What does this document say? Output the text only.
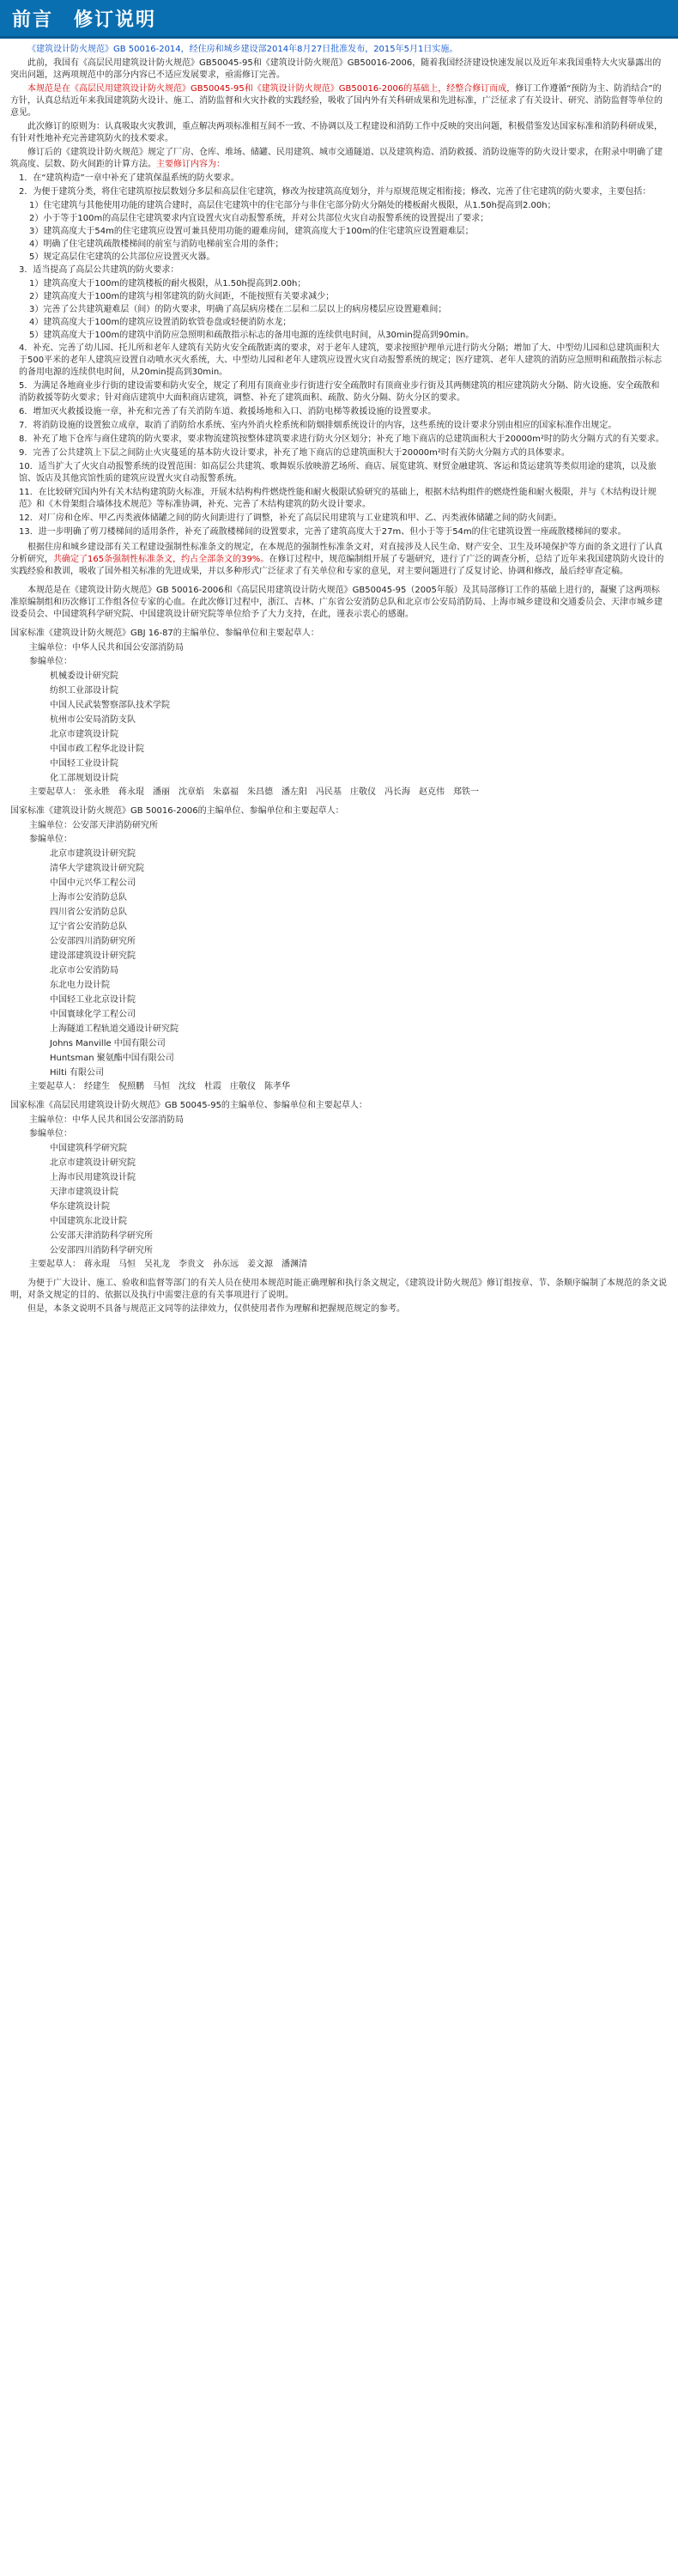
前言　修订说明

《建筑设计防火规范》GB 50016-2014，经住房和城乡建设部2014年8月27日批准发布，2015年5月1日实施。

此前，我国有《高层民用建筑设计防火规范》GB50045-95和《建筑设计防火规范》GB50016-2006，随着我国经济建设快速发展以及近年来我国重特大火灾暴露出的突出问题，这两项规范中的部分内容已不适应发展要求，亟需修订完善。

本规范是在《高层民用建筑设计防火规范》GB50045-95和《建筑设计防火规范》GB50016-2006的基础上，经整合修订而成，修订工作遵循“预防为主、防消结合”的方针，认真总结近年来我国建筑防火设计、施工、消防监督和火灾扑救的实践经验，吸收了国内外有关科研成果和先进标准，广泛征求了有关设计、研究、消防监督等单位的意见。

此次修订的原则为：认真吸取火灾教训，重点解决两项标准相互间不一致、不协调以及工程建设和消防工作中反映的突出问题，积极借鉴发达国家标准和消防科研成果，有针对性地补充完善建筑防火的技术要求。

修订后的《建筑设计防火规范》规定了厂房、仓库、堆场、储罐、民用建筑、城市交通隧道、以及建筑构造、消防救援、消防设施等的防火设计要求，在附录中明确了建筑高度、层数、防火间距的计算方法。主要修订内容为：

1．在“建筑构造”一章中补充了建筑保温系统的防火要求。
2．为便于建筑分类，将住宅建筑原按层数划分多层和高层住宅建筑，修改为按建筑高度划分，并与原规范规定相衔接；修改、完善了住宅建筑的防火要求，主要包括：
1）住宅建筑与其他使用功能的建筑合建时，高层住宅建筑中的住宅部分与非住宅部分防火分隔处的楼板耐火极限，从1.50h提高到2.00h；
2）小于等于100m的高层住宅建筑要求内宜设置火灾自动报警系统，并对公共部位火灾自动报警系统的设置提出了要求；
3）建筑高度大于54m的住宅建筑应设置可兼具使用功能的避难房间，建筑高度大于100m的住宅建筑应设置避难层；
4）明确了住宅建筑疏散楼梯间的前室与消防电梯前室合用的条件；
5）规定高层住宅建筑的公共部位应设置灭火器。
3．适当提高了高层公共建筑的防火要求：
1）建筑高度大于100m的建筑楼板的耐火极限，从1.50h提高到2.00h；
2）建筑高度大于100m的建筑与相邻建筑的防火间距，不能按照有关要求减少；
3）完善了公共建筑避难层（间）的防火要求，明确了高层病房楼在二层和二层以上的病房楼层应设置避难间；
4）建筑高度大于100m的建筑应设置消防软管卷盘或轻便消防水龙；
5）建筑高度大于100m的建筑中消防应急照明和疏散指示标志的备用电源的连续供电时间，从30min提高到90min。
4．补充、完善了幼儿园、托儿所和老年人建筑有关防火安全疏散距离的要求，对于老年人建筑，要求按照护理单元进行防火分隔；增加了大、中型幼儿园和总建筑面积大于500平米的老年人建筑应设置自动喷水灭火系统，大、中型幼儿园和老年人建筑应设置火灾自动报警系统的规定；医疗建筑、老年人建筑的消防应急照明和疏散指示标志的备用电源的连续供电时间，从20min提高到30min。
5．为满足各地商业步行街的建设需要和防火安全，规定了利用有顶商业步行街进行安全疏散时有顶商业步行街及其两侧建筑的相应建筑防火分隔、防火设施、安全疏散和消防救援等防火要求；针对商店建筑中大面积商店建筑，调整、补充了建筑面积、疏散、防火分隔、防火分区的要求。
6．增加灭火救援设施一章，补充和完善了有关消防车道、救援场地和入口、消防电梯等救援设施的设置要求。
7．将消防设施的设置独立成章，取消了消防给水系统、室内外消火栓系统和防烟排烟系统设计的内容，这些系统的设计要求分别由相应的国家标准作出规定。
8．补充了地下仓库与商住建筑的防火要求，要求物流建筑按整体建筑要求进行防火分区划分；补充了地下商店的总建筑面积大于20000m²时的防火分隔方式的有关要求。
9．完善了公共建筑上下层之间防止火灾蔓延的基本防火设计要求，补充了地下商店的总建筑面积大于20000m²时有关防火分隔方式的具体要求。
10．适当扩大了火灾自动报警系统的设置范围：如高层公共建筑、歌舞娱乐放映游艺场所、商店、展览建筑、财贸金融建筑、客运和货运建筑等类似用途的建筑，以及旅馆、饭店及其他宾馆性质的建筑应设置火灾自动报警系统。
11．在比较研究国内外有关木结构建筑防火标准，开展木结构构件燃烧性能和耐火极限试验研究的基础上，根据木结构组件的燃烧性能和耐火极限，并与《木结构设计规范》和《木骨架组合墙体技术规范》等标准协调，补充、完善了木结构建筑的防火设计要求。
12．对厂房和仓库、甲乙丙类液体储罐之间的防火间距进行了调整，补充了高层民用建筑与工业建筑和甲、乙、丙类液体储罐之间的防火间距。
13．进一步明确了剪刀楼梯间的适用条件，补充了疏散楼梯间的设置要求，完善了建筑高度大于27m、但小于等于54m的住宅建筑设置一座疏散楼梯间的要求。

根据住房和城乡建设部有关工程建设强制性标准条文的规定，在本规范的强制性标准条文对，对直接涉及人民生命、财产安全、卫生及环境保护等方面的条文进行了认真分析研究，共确定了165条强制性标准条文，约占全部条文的39%。在修订过程中，规范编制组开展了专题研究，进行了广泛的调查分析，总结了近年来我国建筑防火设计的实践经验和教训，吸收了国外相关标准的先进成果，并以多种形式广泛征求了有关单位和专家的意见，对主要问题进行了反复讨论、协调和修改，最后经审查定稿。

本规范是在《建筑设计防火规范》GB 50016-2006和《高层民用建筑设计防火规范》GB50045-95（2005年版）及其局部修订工作的基础上进行的，凝聚了这两项标准原编制组和历次修订工作组各位专家的心血。在此次修订过程中，浙江、吉林、广东省公安消防总队和北京市公安局消防局、上海市城乡建设和交通委员会、天津市城乡建设委员会、中国建筑科学研究院、中国建筑设计研究院等单位给予了大力支持，在此，谨表示衷心的感谢。

国家标准《建筑设计防火规范》GBJ 16-87的主编单位、参编单位和主要起草人：
主编单位：中华人民共和国公安部消防局
参编单位：
机械委设计研究院
纺织工业部设计院
中国人民武装警察部队技术学院
杭州市公安局消防支队
北京市建筑设计院
中国市政工程华北设计院
中国轻工业设计院
化工部规划设计院
主要起草人： 张永胜　蒋永琨　潘丽　沈章焰　朱嘉福　朱昌德　潘左阳　冯民基　庄敬仪　冯长海　赵克伟　郑铁一
国家标准《建筑设计防火规范》GB 50016-2006的主编单位、参编单位和主要起草人：
主编单位：公安部天津消防研究所
参编单位：
北京市建筑设计研究院
清华大学建筑设计研究院
中国中元兴华工程公司
上海市公安消防总队
四川省公安消防总队
辽宁省公安消防总队
公安部四川消防研究所
建设部建筑设计研究院
北京市公安消防局
东北电力设计院
中国轻工业北京设计院
中国寰球化学工程公司
上海隧道工程轨道交通设计研究院
Johns Manville 中国有限公司
Huntsman 聚氨酯中国有限公司
Hilti 有限公司
主要起草人： 经建生　倪照鹏　马恒　沈纹　杜霞　庄敬仪　陈孝华
国家标准《高层民用建筑设计防火规范》GB 50045-95的主编单位、参编单位和主要起草人：
主编单位：中华人民共和国公安部消防局
参编单位：
中国建筑科学研究院
北京市建筑设计研究院
上海市民用建筑设计院
天津市建筑设计院
华东建筑设计院
中国建筑东北设计院
公安部天津消防科学研究所
公安部四川消防科学研究所
主要起草人： 蒋永琨　马恒　吴礼龙　李贵文　孙东远　姜文源　潘渊清

为便于广大设计、施工、验收和监督等部门的有关人员在使用本规范时能正确理解和执行条文规定，《建筑设计防火规范》修订组按章、节、条顺序编制了本规范的条文说明，对条文规定的目的、依据以及执行中需要注意的有关事项进行了说明。

但是，本条文说明不具备与规范正文同等的法律效力，仅供使用者作为理解和把握规范规定的参考。
